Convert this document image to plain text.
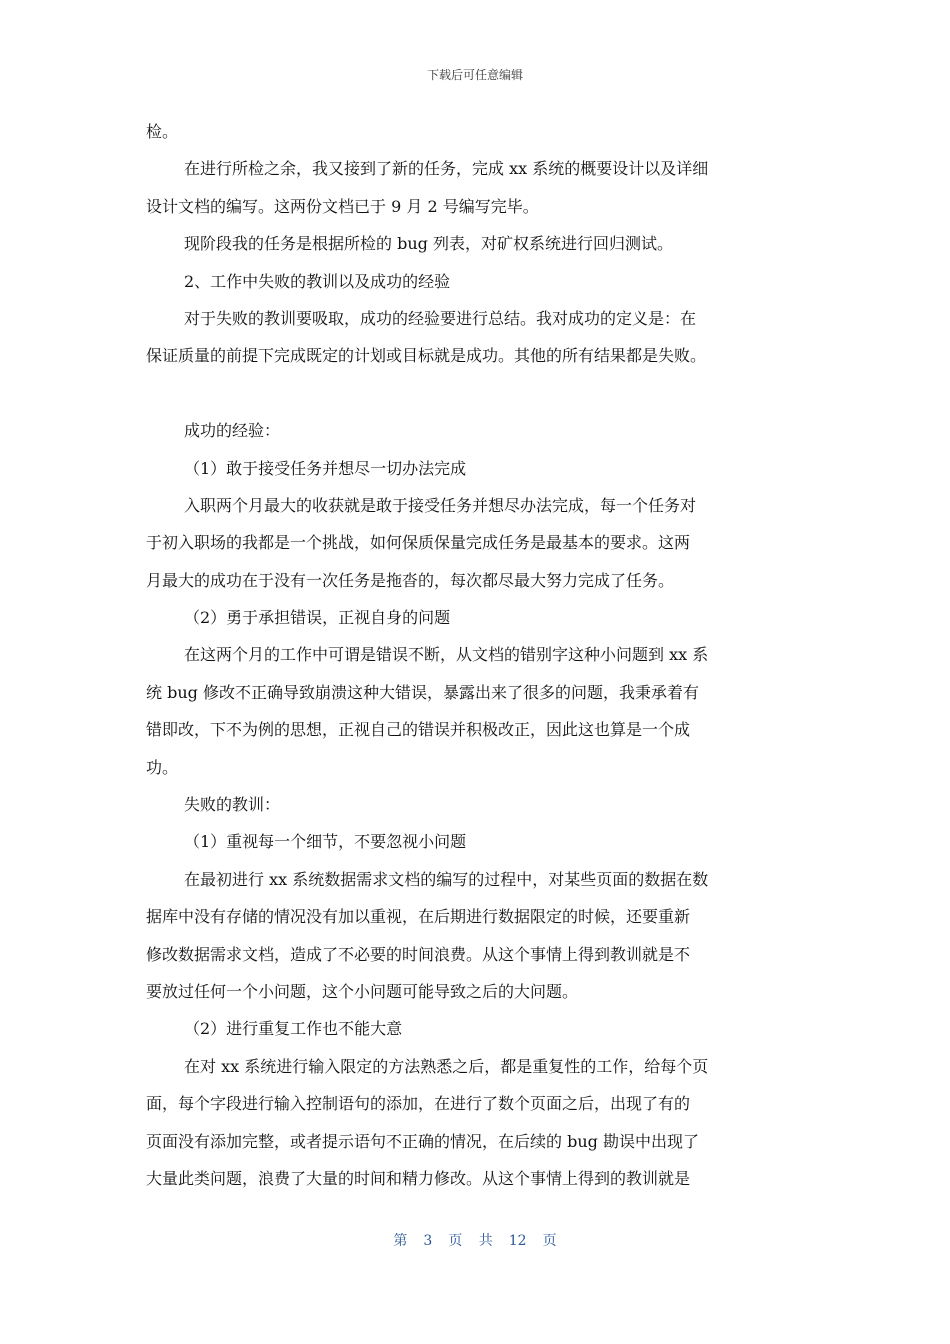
下载后可任意编辑
检。
在进行所检之余，我又接到了新的任务，完成 xx 系统的概要设计以及详细
设计文档的编写。这两份文档已于 9 月 2 号编写完毕。
现阶段我的任务是根据所检的 bug 列表，对矿权系统进行回归测试。
2、工作中失败的教训以及成功的经验
对于失败的教训要吸取，成功的经验要进行总结。我对成功的定义是：在
保证质量的前提下完成既定的计划或目标就是成功。其他的所有结果都是失败。
成功的经验：
（1）敢于接受任务并想尽一切办法完成
入职两个月最大的收获就是敢于接受任务并想尽办法完成，每一个任务对
于初入职场的我都是一个挑战，如何保质保量完成任务是最基本的要求。这两
月最大的成功在于没有一次任务是拖沓的，每次都尽最大努力完成了任务。
（2）勇于承担错误，正视自身的问题
在这两个月的工作中可谓是错误不断，从文档的错别字这种小问题到 xx 系
统 bug 修改不正确导致崩溃这种大错误，暴露出来了很多的问题，我秉承着有
错即改，下不为例的思想，正视自己的错误并积极改正，因此这也算是一个成
功。
失败的教训：
（1）重视每一个细节，不要忽视小问题
在最初进行 xx 系统数据需求文档的编写的过程中，对某些页面的数据在数
据库中没有存储的情况没有加以重视，在后期进行数据限定的时候，还要重新
修改数据需求文档，造成了不必要的时间浪费。从这个事情上得到教训就是不
要放过任何一个小问题，这个小问题可能导致之后的大问题。
（2）进行重复工作也不能大意
在对 xx 系统进行输入限定的方法熟悉之后，都是重复性的工作，给每个页
面，每个字段进行输入控制语句的添加，在进行了数个页面之后，出现了有的
页面没有添加完整，或者提示语句不正确的情况，在后续的 bug 勘误中出现了
大量此类问题，浪费了大量的时间和精力修改。从这个事情上得到的教训就是
第 3 页 共 12 页
